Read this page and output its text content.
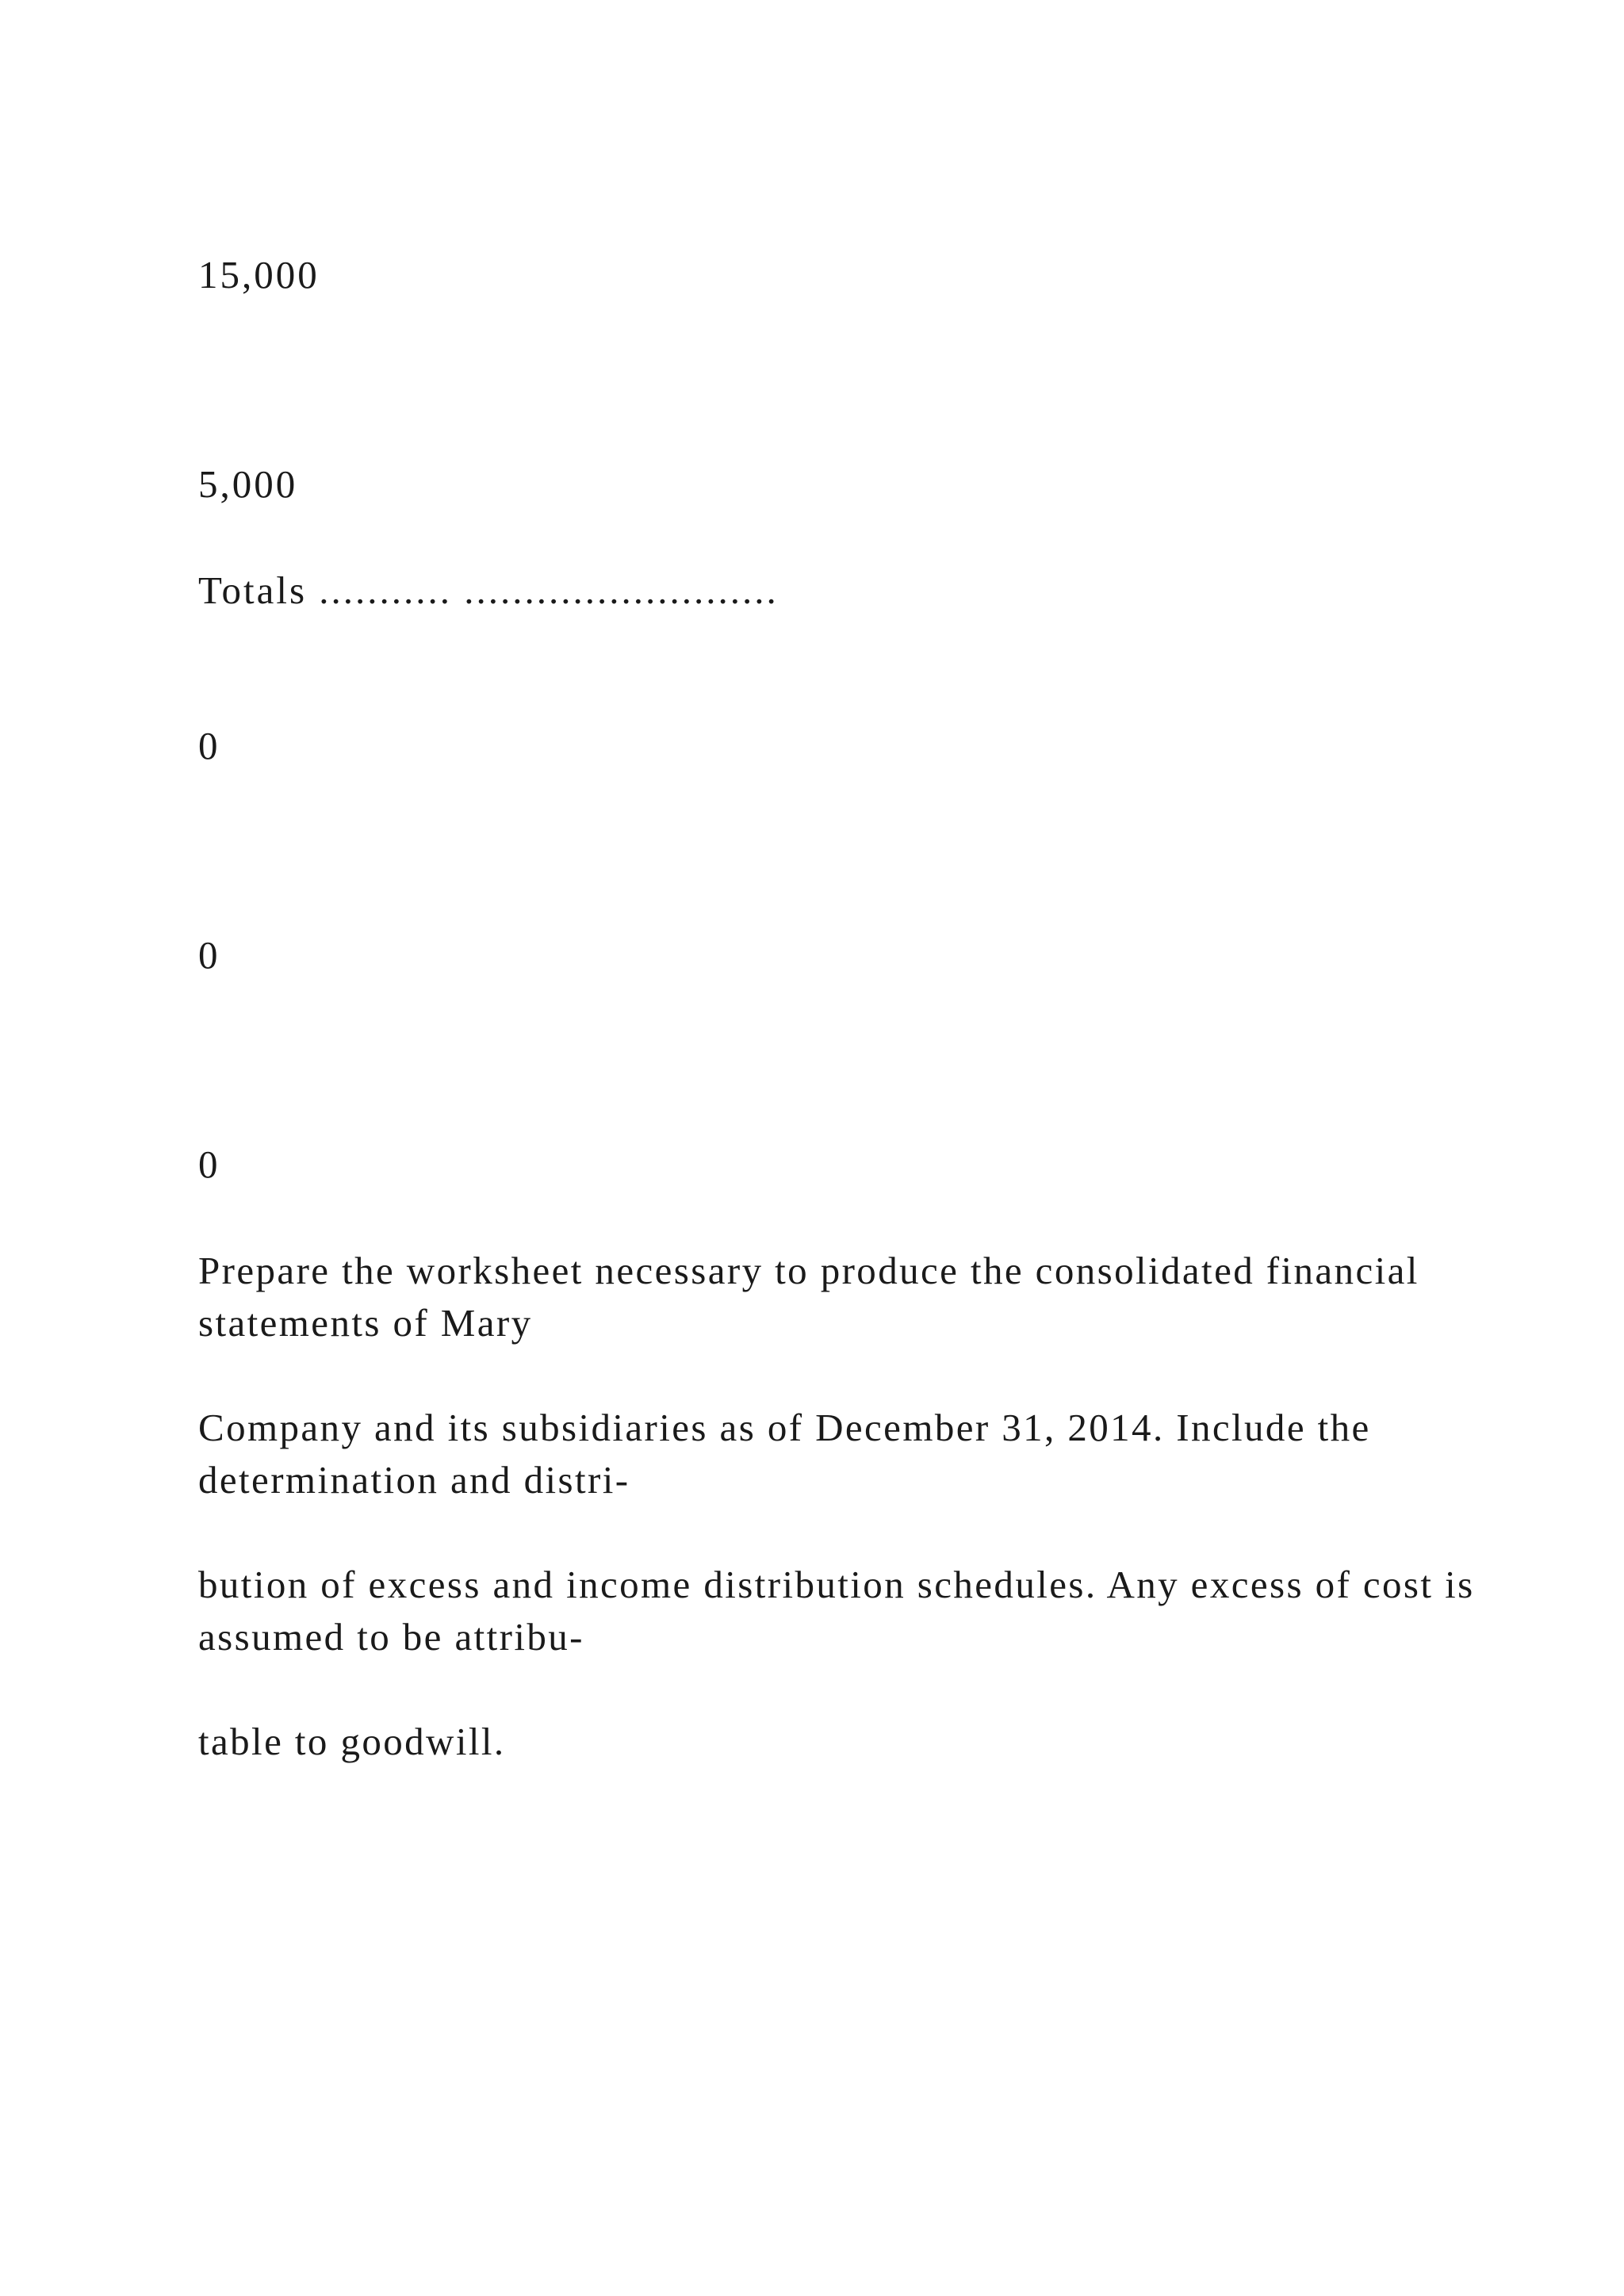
15,000
5,000
Totals ........... ..........................
0
0
0
Prepare the worksheet necessary to produce the consolidated financial statements of Mary
Company and its subsidiaries as of December 31, 2014. Include the determination and distri-
bution of excess and income distribution schedules. Any excess of cost is assumed to be attribu-
table to goodwill.
